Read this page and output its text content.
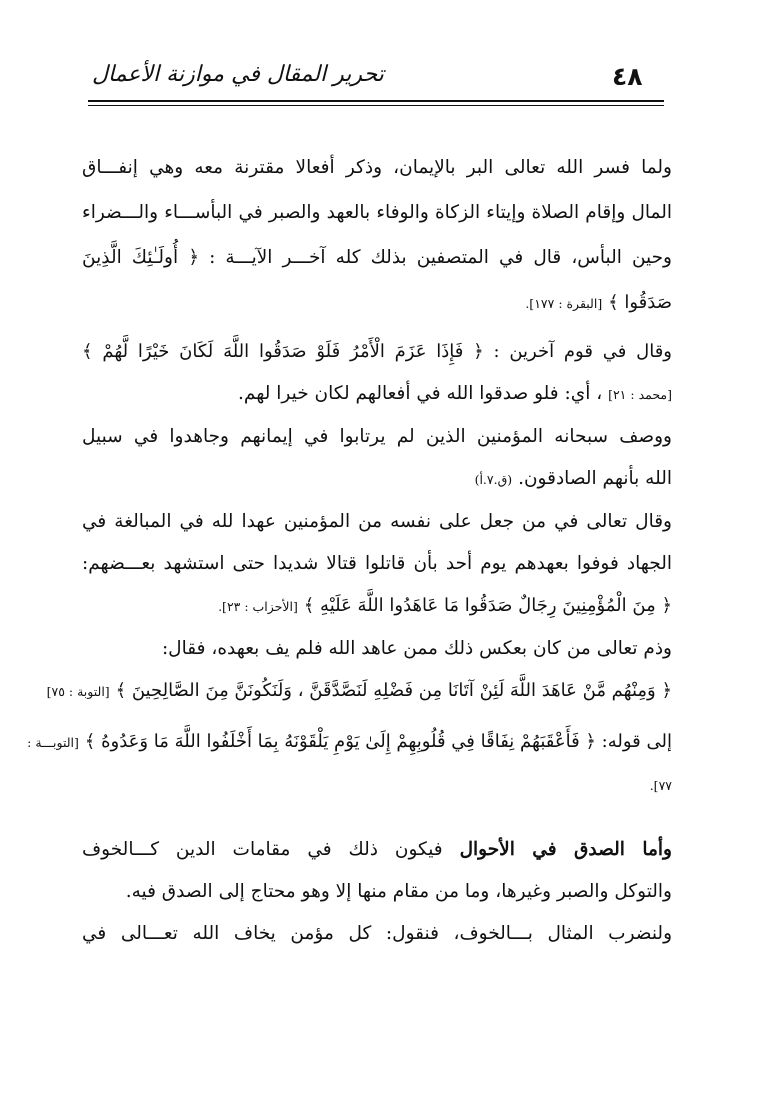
٤٨
تحرير المقال في موازنة الأعمال
ولما فسر الله تعالى البر بالإيمان، وذكر أفعالا مقترنة معه وهي إنفـــاق
المال وإقام الصلاة وإيتاء الزكاة والوفاء بالعهد والصبر في البأســـاء والـــضراء
وحين البأس، قال في المتصفين بذلك كله آخـــر الآيـــة : ﴿ أُولَـٰئِكَ الَّذِينَ
صَدَقُوا ﴾ [البقرة : ١٧٧].
وقال في قوم آخرين : ﴿ فَإِذَا عَزَمَ الْأَمْرُ فَلَوْ صَدَقُوا اللَّهَ لَكَانَ خَيْرًا لَّهُمْ ﴾
[محمد : ٢١] ، أي: فلو صدقوا الله في أفعالهم لكان خيرا لهم.
ووصف سبحانه المؤمنين الذين لم يرتابوا في إيمانهم وجاهدوا في سبيل
الله بأنهم الصادقون. (ق.٧.أ)
وقال تعالى في من جعل على نفسه من المؤمنين عهدا لله في المبالغة في
الجهاد فوفوا بعهدهم يوم أحد بأن قاتلوا قتالا شديدا حتى استشهد بعـــضهم:
﴿ مِنَ الْمُؤْمِنِينَ رِجَالٌ صَدَقُوا مَا عَاهَدُوا اللَّهَ عَلَيْهِ ﴾ [الأحزاب : ٢٣].
وذم تعالى من كان بعكس ذلك ممن عاهد الله فلم يف بعهده، فقال:
﴿ وَمِنْهُم مَّنْ عَاهَدَ اللَّهَ لَئِنْ آتَانَا مِن فَضْلِهِ لَنَصَّدَّقَنَّ ، وَلَنَكُونَنَّ مِنَ الصَّالِحِينَ ﴾ [التوبة : ٧٥]
إلى قوله: ﴿ فَأَعْقَبَهُمْ نِفَاقًا فِي قُلُوبِهِمْ إِلَىٰ يَوْمِ يَلْقَوْنَهُ بِمَا أَخْلَفُوا اللَّهَ مَا وَعَدُوهُ ﴾ [التوبـــة :
٧٧].
وأما الصدق في الأحوال فيكون ذلك في مقامات الدين كـــالخوف
والتوكل والصبر وغيرها، وما من مقام منها إلا وهو محتاج إلى الصدق فيه.
ولنضرب المثال بـــالخوف، فنقول: كل مؤمن يخاف الله تعـــالى في
